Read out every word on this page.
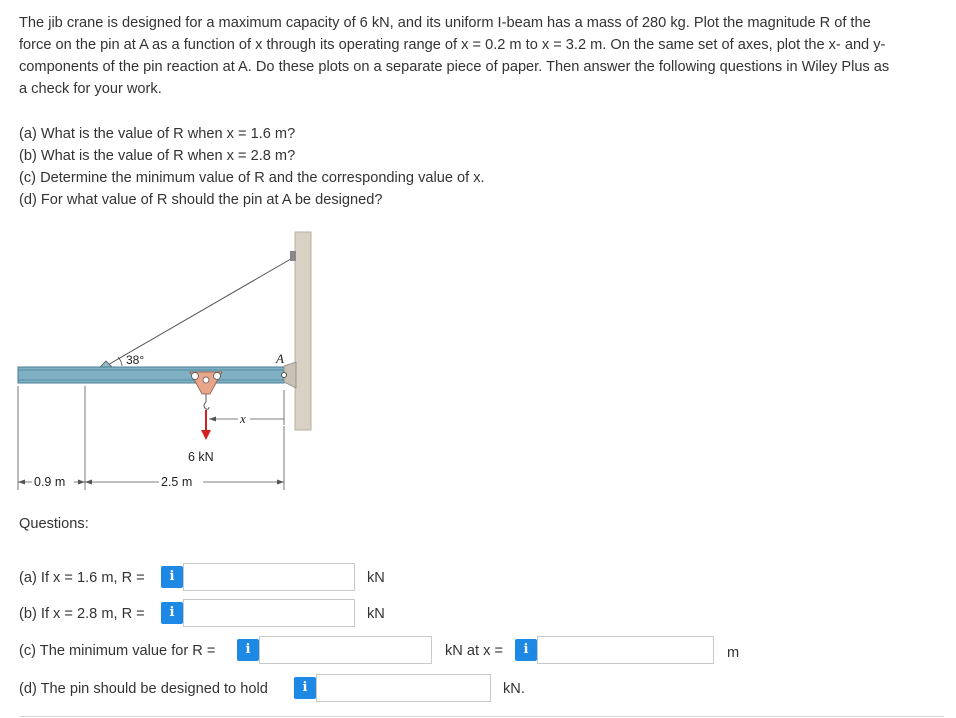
The jib crane is designed for a maximum capacity of 6 kN, and its uniform I-beam has a mass of 280 kg. Plot the magnitude R of the

force on the pin at A as a function of x through its operating range of x = 0.2 m to x = 3.2 m. On the same set of axes, plot the x- and y-

components of the pin reaction at A. Do these plots on a separate piece of paper. Then answer the following questions in Wiley Plus as

a check for your work.

(a) What is the value of R when x = 1.6 m?
(b) What is the value of R when x = 2.8 m?
(c) Determine the minimum value of R and the corresponding value of x.
(d) For what value of R should the pin at A be designed?
38°	A
6 kN
x
0.9 m	2.5 m
Questions:
(a) If x = 1.6 m, R =	i	kN
(b) If x = 2.8 m, R =	i	kN
(c) The minimum value for R =	i	kN at x =	i	m
(d) The pin should be designed to hold	i	kN.
